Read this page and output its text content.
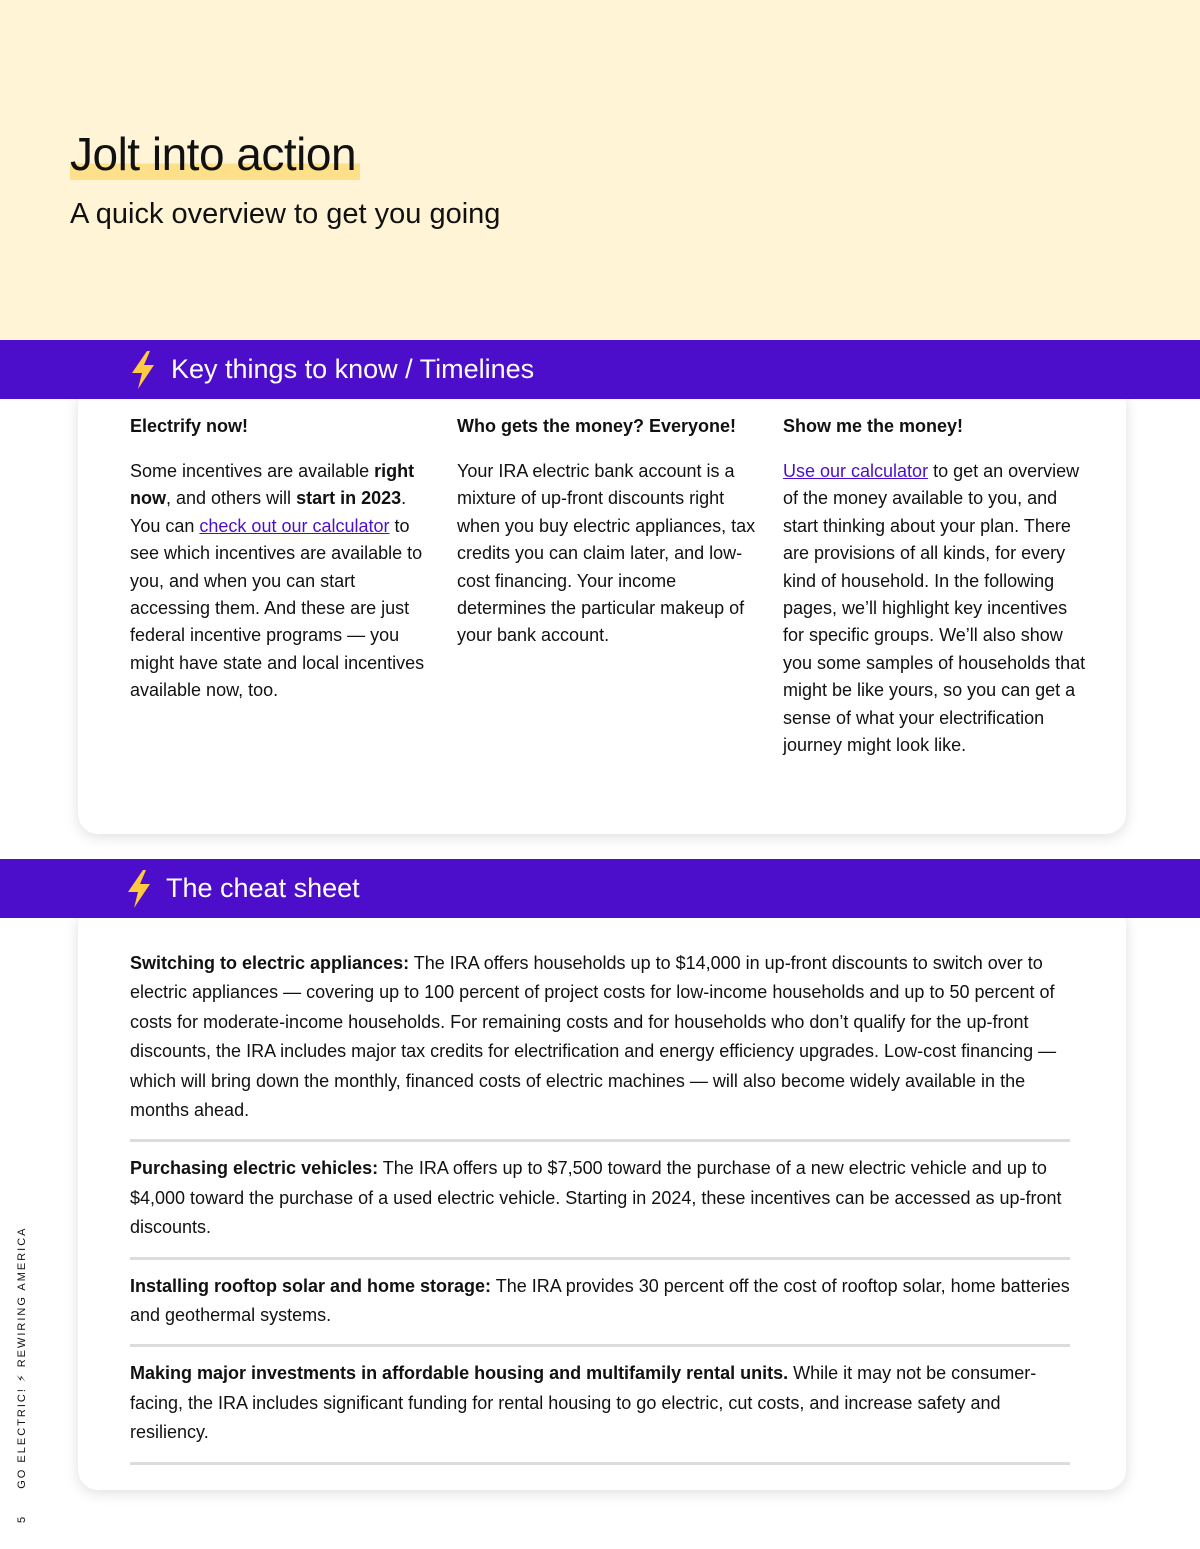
Jolt into action
A quick overview to get you going
Key things to know / Timelines
Electrify now!

Some incentives are available right now, and others will start in 2023. You can check out our calculator to see which incentives are available to you, and when you can start accessing them. And these are just federal incentive programs — you might have state and local incentives available now, too.

Who gets the money? Everyone!

Your IRA electric bank account is a mixture of up-front discounts right when you buy electric appliances, tax credits you can claim later, and low-cost financing. Your income determines the particular makeup of your bank account.

Show me the money!

Use our calculator to get an overview of the money available to you, and start thinking about your plan. There are provisions of all kinds, for every kind of household. In the following pages, we’ll highlight key incentives for specific groups. We’ll also show you some samples of households that might be like yours, so you can get a sense of what your electrification journey might look like.

The cheat sheet

Switching to electric appliances: The IRA offers households up to $14,000 in up-front discounts to switch over to electric appliances — covering up to 100 percent of project costs for low-income households and up to 50 percent of costs for moderate-income households. For remaining costs and for households who don’t qualify for the up-front discounts, the IRA includes major tax credits for electrification and energy efficiency upgrades. Low-cost financing — which will bring down the monthly, financed costs of electric machines — will also become widely available in the months ahead.

Purchasing electric vehicles: The IRA offers up to $7,500 toward the purchase of a new electric vehicle and up to $4,000 toward the purchase of a used electric vehicle. Starting in 2024, these incentives can be accessed as up-front discounts.

Installing rooftop solar and home storage: The IRA provides 30 percent off the cost of rooftop solar, home batteries and geothermal systems.

Making major investments in affordable housing and multifamily rental units. While it may not be consumer-facing, the IRA includes significant funding for rental housing to go electric, cut costs, and increase safety and resiliency.

5  GO ELECTRIC! ⚡ REWIRING AMERICA
